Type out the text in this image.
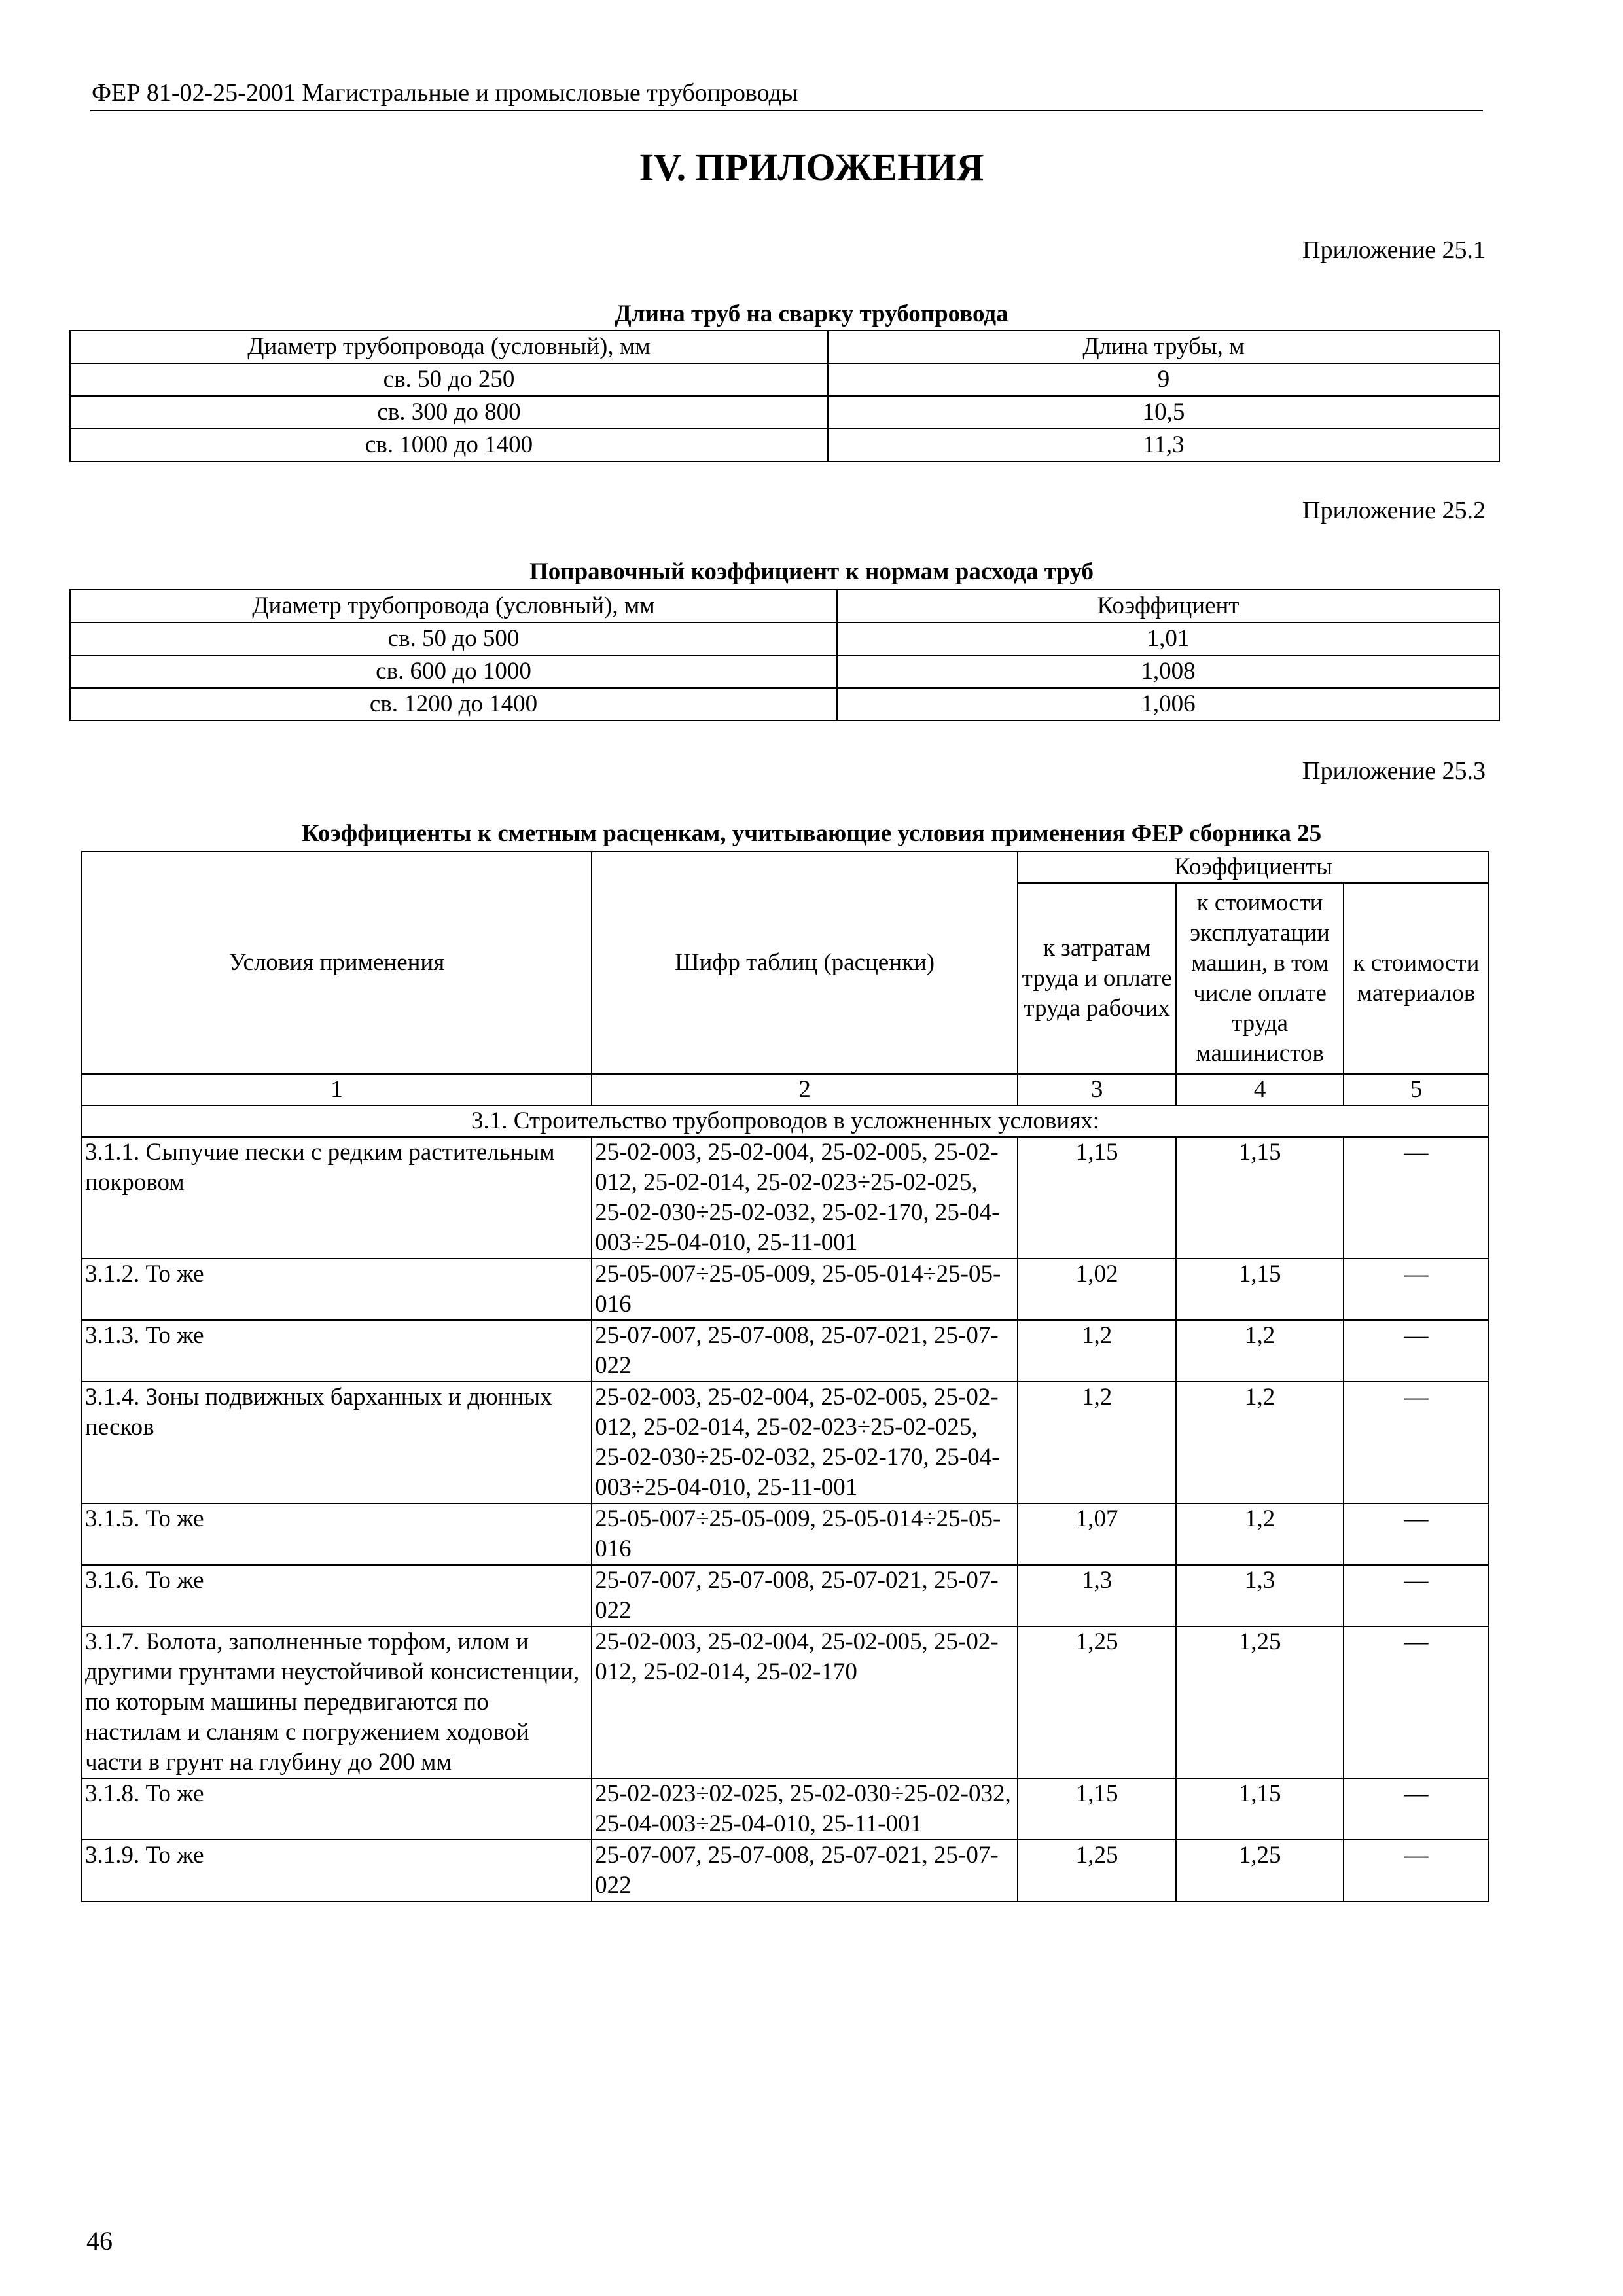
ФЕР 81-02-25-2001 Магистральные и промысловые трубопроводы
IV. ПРИЛОЖЕНИЯ
Приложение 25.1
Длина труб на сварку трубопровода
Диаметр трубопровода (условный), мм	Длина трубы, м
св. 50 до 250	9
св. 300 до 800	10,5
св. 1000 до 1400	11,3
Приложение 25.2
Поправочный коэффициент к нормам расхода труб
Диаметр трубопровода (условный), мм	Коэффициент
св. 50 до 500	1,01
св. 600 до 1000	1,008
св. 1200 до 1400	1,006
Приложение 25.3
Коэффициенты к сметным расценкам, учитывающие условия применения ФЕР сборника 25
Условия применения	Шифр таблиц (расценки)	Коэффициенты		
		к затратам труда и оплате труда рабочих	к стоимости эксплуатации машин, в том числе оплате труда машинистов	к стоимости материалов
1	2	3	4	5
3.1. Строительство трубопроводов в усложненных условиях:				
3.1.1. Сыпучие пески с редким растительным покровом	25-02-003, 25-02-004, 25-02-005, 25-02-012, 25-02-014, 25-02-023÷25-02-025, 25-02-030÷25-02-032, 25-02-170, 25-04-003÷25-04-010, 25-11-001	1,15	1,15	—
3.1.2. То же	25-05-007÷25-05-009, 25-05-014÷25-05-016	1,02	1,15	—
3.1.3. То же	25-07-007, 25-07-008, 25-07-021, 25-07-022	1,2	1,2	—
3.1.4. Зоны подвижных барханных и дюнных песков	25-02-003, 25-02-004, 25-02-005, 25-02-012, 25-02-014, 25-02-023÷25-02-025, 25-02-030÷25-02-032, 25-02-170, 25-04-003÷25-04-010, 25-11-001	1,2	1,2	—
3.1.5. То же	25-05-007÷25-05-009, 25-05-014÷25-05-016	1,07	1,2	—
3.1.6. То же	25-07-007, 25-07-008, 25-07-021, 25-07-022	1,3	1,3	—
3.1.7. Болота, заполненные торфом, илом и другими грунтами неустойчивой консистенции, по которым машины передвигаются по настилам и сланям с погружением ходовой части в грунт на глубину до 200 мм	25-02-003, 25-02-004, 25-02-005, 25-02-012, 25-02-014, 25-02-170	1,25	1,25	—
3.1.8. То же	25-02-023÷02-025, 25-02-030÷25-02-032, 25-04-003÷25-04-010, 25-11-001	1,15	1,15	—
3.1.9. То же	25-07-007, 25-07-008, 25-07-021, 25-07-022	1,25	1,25	—
46
